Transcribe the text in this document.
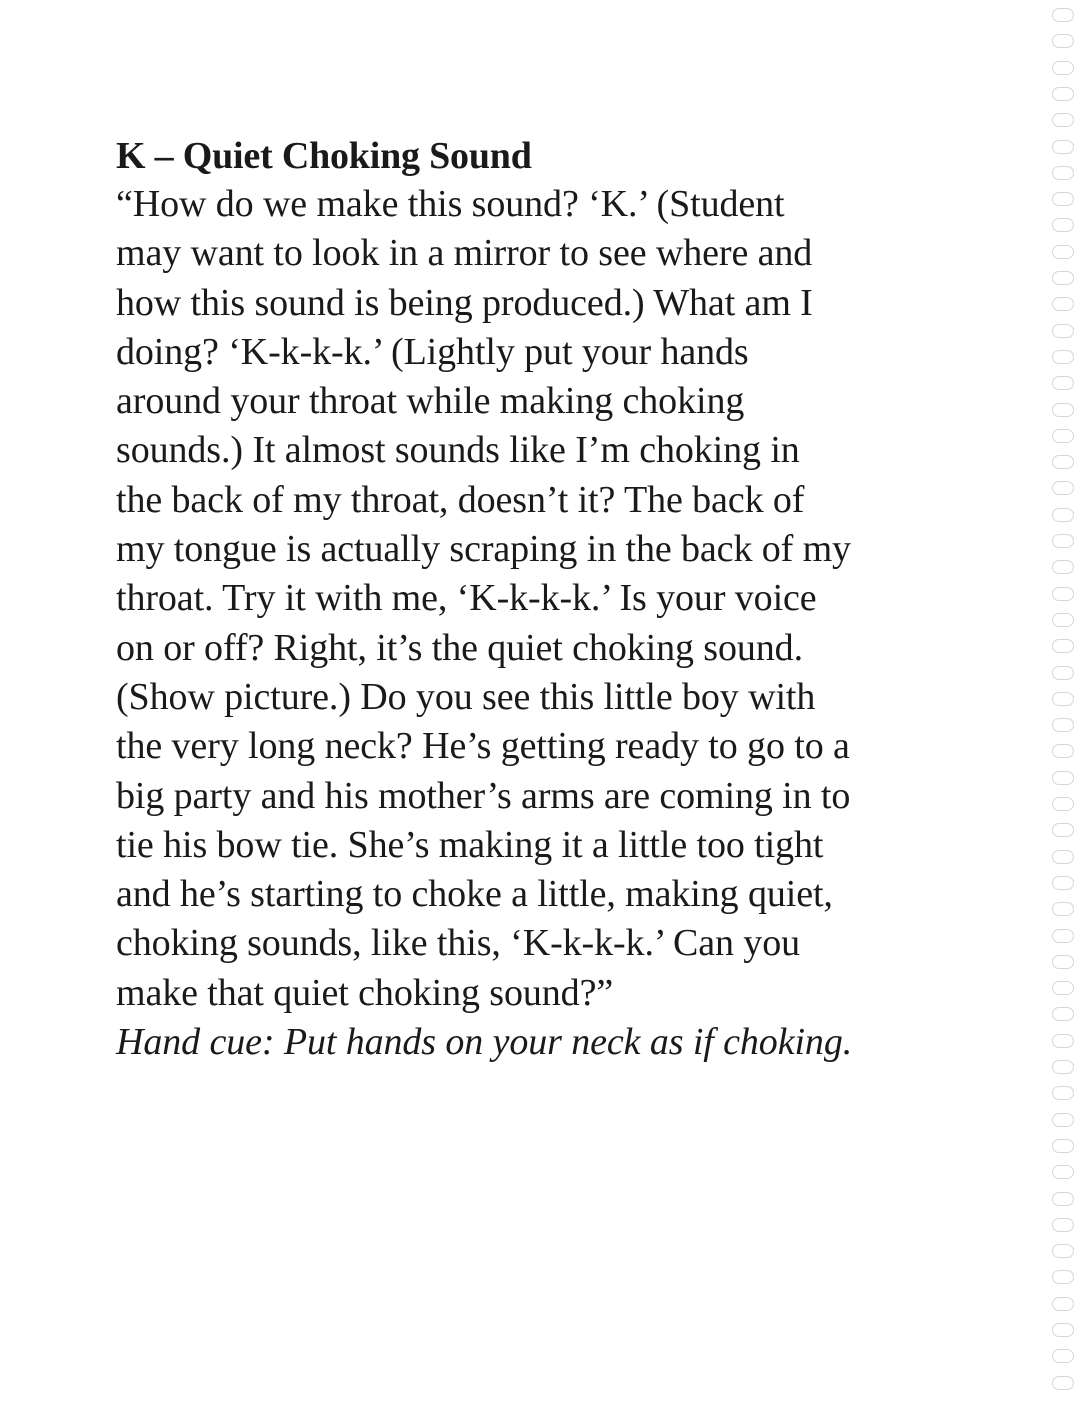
K – Quiet Choking Sound
“How do we make this sound? ‘K.’ (Student
may want to look in a mirror to see where and
how this sound is being produced.) What am I
doing? ‘K-k-k-k.’ (Lightly put your hands
around your throat while making choking
sounds.) It almost sounds like I’m choking in
the back of my throat, doesn’t it? The back of
my tongue is actually scraping in the back of my
throat. Try it with me, ‘K-k-k-k.’ Is your voice
on or off? Right, it’s the quiet choking sound.
(Show picture.) Do you see this little boy with
the very long neck? He’s getting ready to go to a
big party and his mother’s arms are coming in to
tie his bow tie. She’s making it a little too tight
and he’s starting to choke a little, making quiet,
choking sounds, like this, ‘K-k-k-k.’ Can you
make that quiet choking sound?”
Hand cue: Put hands on your neck as if choking.
